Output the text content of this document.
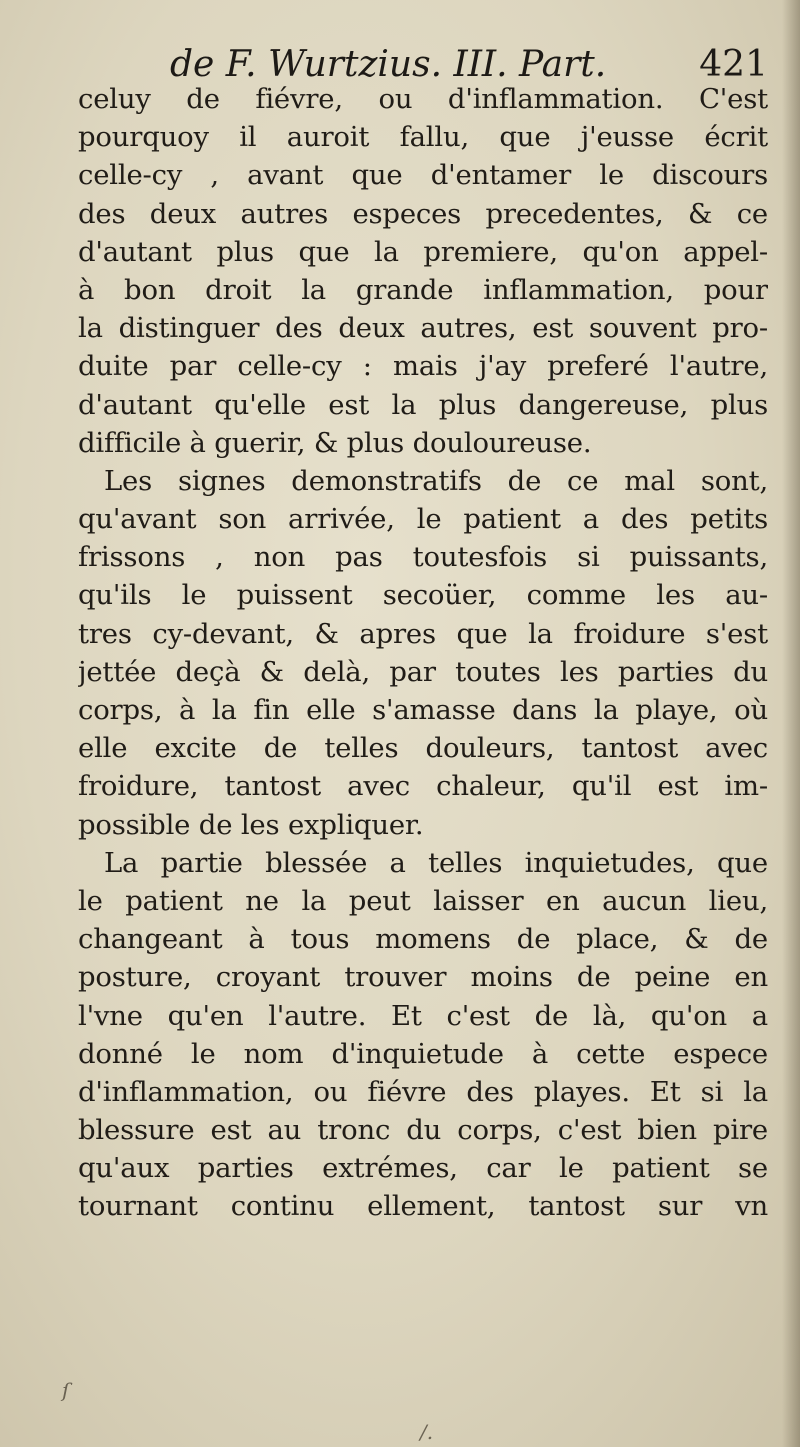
de F. Wurtzius. III. Part.	421
celuy de fiévre, ou d'inflammation. C'est
pourquoy il auroit fallu, que j'eusse écrit
celle-cy , avant que d'entamer le discours
des deux autres especes precedentes, & ce
d'autant plus que la premiere, qu'on appel-
à bon droit la grande inflammation, pour
la distinguer des deux autres, est souvent pro-
duite par celle-cy : mais j'ay preferé l'autre,
d'autant qu'elle est la plus dangereuse, plus
difficile à guerir, & plus douloureuse.
Les signes demonstratifs de ce mal sont,
qu'avant son arrivée, le patient a des petits
frissons , non pas toutesfois si puissants,
qu'ils le puissent secoüer, comme les au-
tres cy-devant, & apres que la froidure s'est
jettée deçà & delà, par toutes les parties du
corps, à la fin elle s'amasse dans la playe, où
elle excite de telles douleurs, tantost avec
froidure, tantost avec chaleur, qu'il est im-
possible de les expliquer.
La partie blessée a telles inquietudes, que
le patient ne la peut laisser en aucun lieu,
changeant à tous momens de place, & de
posture, croyant trouver moins de peine en
l'vne qu'en l'autre. Et c'est de là, qu'on a
donné le nom d'inquietude à cette espece
d'inflammation, ou fiévre des playes. Et si la
blessure est au tronc du corps, c'est bien pire
qu'aux parties extrémes, car le patient se
tournant continu ellement, tantost sur vn
ſ
/.
